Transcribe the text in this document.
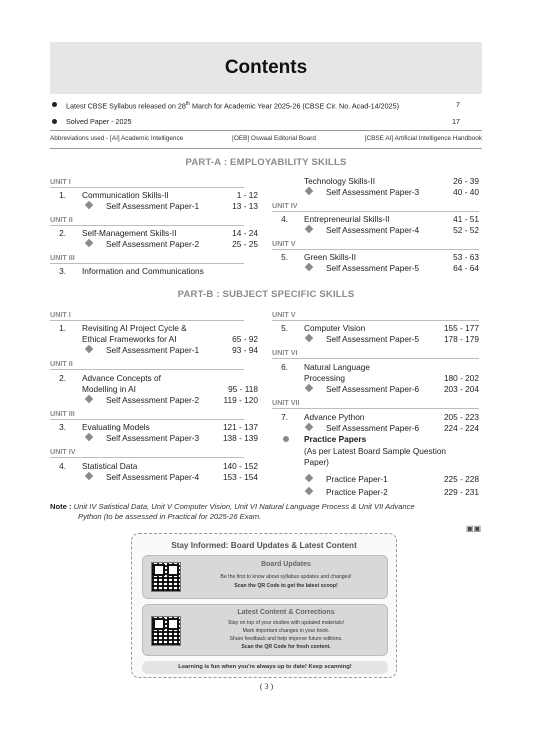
Contents
Latest CBSE Syllabus released on 28th March for Academic Year 2025-26 (CBSE Cir. No. Acad-14/2025)	7
Solved Paper - 2025	17
Abbreviations used - [AI] Academic Intelligence	[OEB] Oswaal Editorial Board	[CBSE AI] Artificial Intelligence Handbook
PART-A : EMPLOYABILITY SKILLS
UNIT I
1. Communication Skills-II	1 - 12
Self Assessment Paper-1	13 - 13
UNIT II
2. Self-Management Skills-II	14 - 24
Self Assessment Paper-2	25 - 25
UNIT III
3. Information and Communications
Technology Skills-II	26 - 39
Self Assessment Paper-3	40 - 40
UNIT IV
4. Entrepreneurial Skills-II	41 - 51
Self Assessment Paper-4	52 - 52
UNIT V
5. Green Skills-II	53 - 63
Self Assessment Paper-5	64 - 64
PART-B : SUBJECT SPECIFIC SKILLS
UNIT I
1. Revisiting AI Project Cycle &
Ethical Frameworks for AI	65 - 92
Self Assessment Paper-1	93 - 94
UNIT II
2. Advance Concepts of
Modelling in AI	95 - 118
Self Assessment Paper-2	119 - 120
UNIT III
3. Evaluating Models	121 - 137
Self Assessment Paper-3	138 - 139
UNIT IV
4. Statistical Data	140 - 152
Self Assessment Paper-4	153 - 154
UNIT V
5. Computer Vision	155 - 177
Self Assessment Paper-5	178 - 179
UNIT VI
6. Natural Language
Processing	180 - 202
Self Assessment Paper-6	203 - 204
UNIT VII
7. Advance Python	205 - 223
Self Assessment Paper-6	224 - 224
Practice Papers
(As per Latest Board Sample Question
Paper)
Practice Paper-1	225 - 228
Practice Paper-2	229 - 231
Note : Unit IV Satistical Data, Unit V Computer Vision, Unit VI Natural Language Process & Unit VII Advance
Python (to be assessed in Practical for 2025-26 Exam.
▣▣
Stay Informed: Board Updates & Latest Content
Board Updates
Be the first to know about syllabus updates and changes!
Scan the QR Code to get the latest scoop!
Latest Content & Corrections
Stay on top of your studies with updated materials!
Mark important changes in your book.
Share feedback and help improve future editions.
Scan the QR Code for fresh content.
Learning is fun when you're always up to date! Keep scanning!
( 3 )
